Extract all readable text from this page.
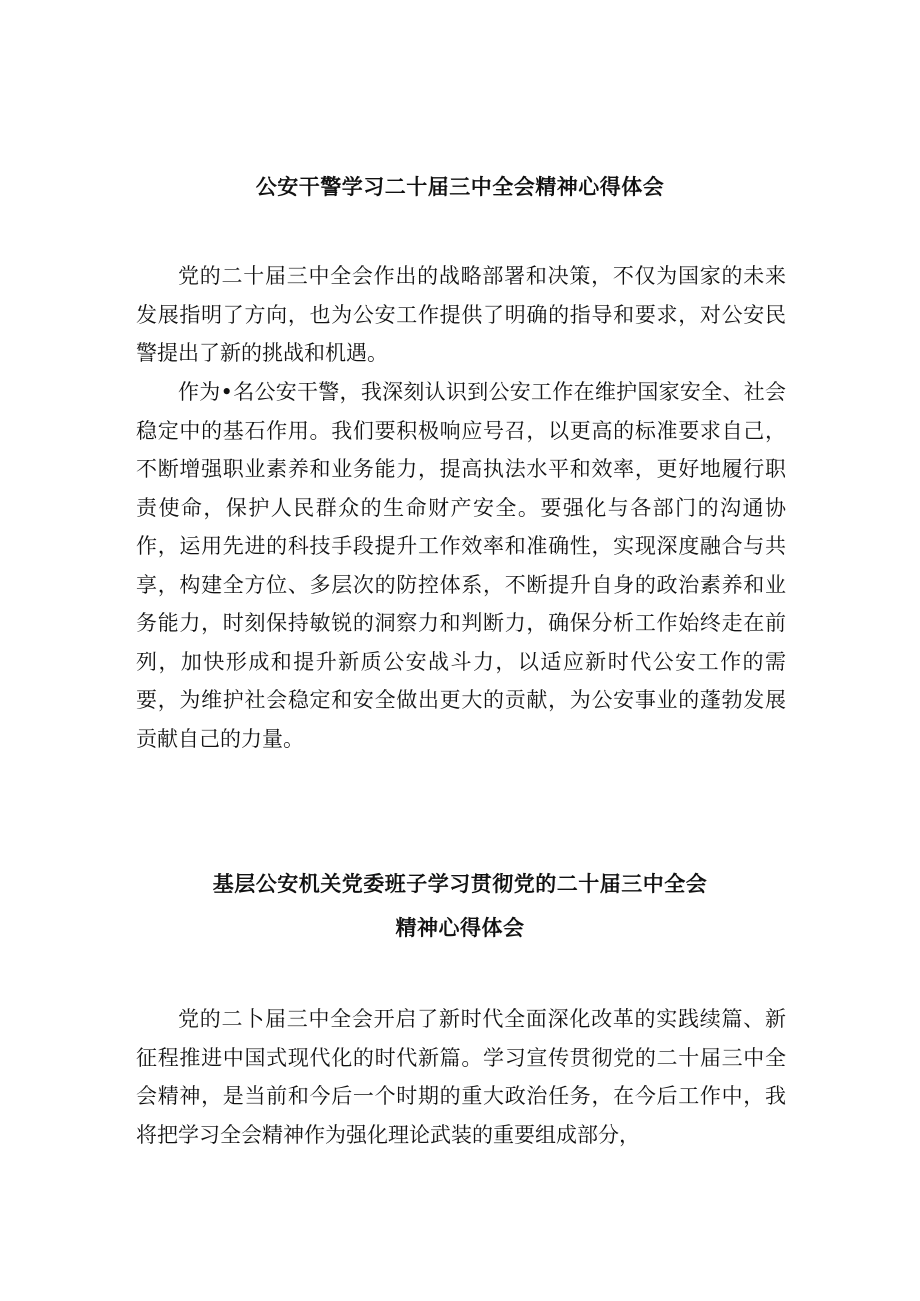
公安干警学习二十届三中全会精神心得体会

党的二十届三中全会作出的战略部署和决策，不仅为国家的未来发展指明了方向，也为公安工作提供了明确的指导和要求，对公安民警提出了新的挑战和机遇。

作为•名公安干警，我深刻认识到公安工作在维护国家安全、社会稳定中的基石作用。我们要积极响应号召，以更高的标准要求自己，不断增强职业素养和业务能力，提高执法水平和效率，更好地履行职责使命，保护人民群众的生命财产安全。要强化与各部门的沟通协作，运用先进的科技手段提升工作效率和准确性，实现深度融合与共享，构建全方位、多层次的防控体系，不断提升自身的政治素养和业务能力，时刻保持敏锐的洞察力和判断力，确保分析工作始终走在前列，加快形成和提升新质公安战斗力，以适应新时代公安工作的需要，为维护社会稳定和安全做出更大的贡献，为公安事业的蓬勃发展贡献自己的力量。

基层公安机关党委班子学习贯彻党的二十届三中全会
精神心得体会

党的二卜届三中全会开启了新时代全面深化改革的实践续篇、新征程推进中国式现代化的时代新篇。学习宣传贯彻党的二十届三中全会精神，是当前和今后一个时期的重大政治任务，在今后工作中，我将把学习全会精神作为强化理论武装的重要组成部分，
